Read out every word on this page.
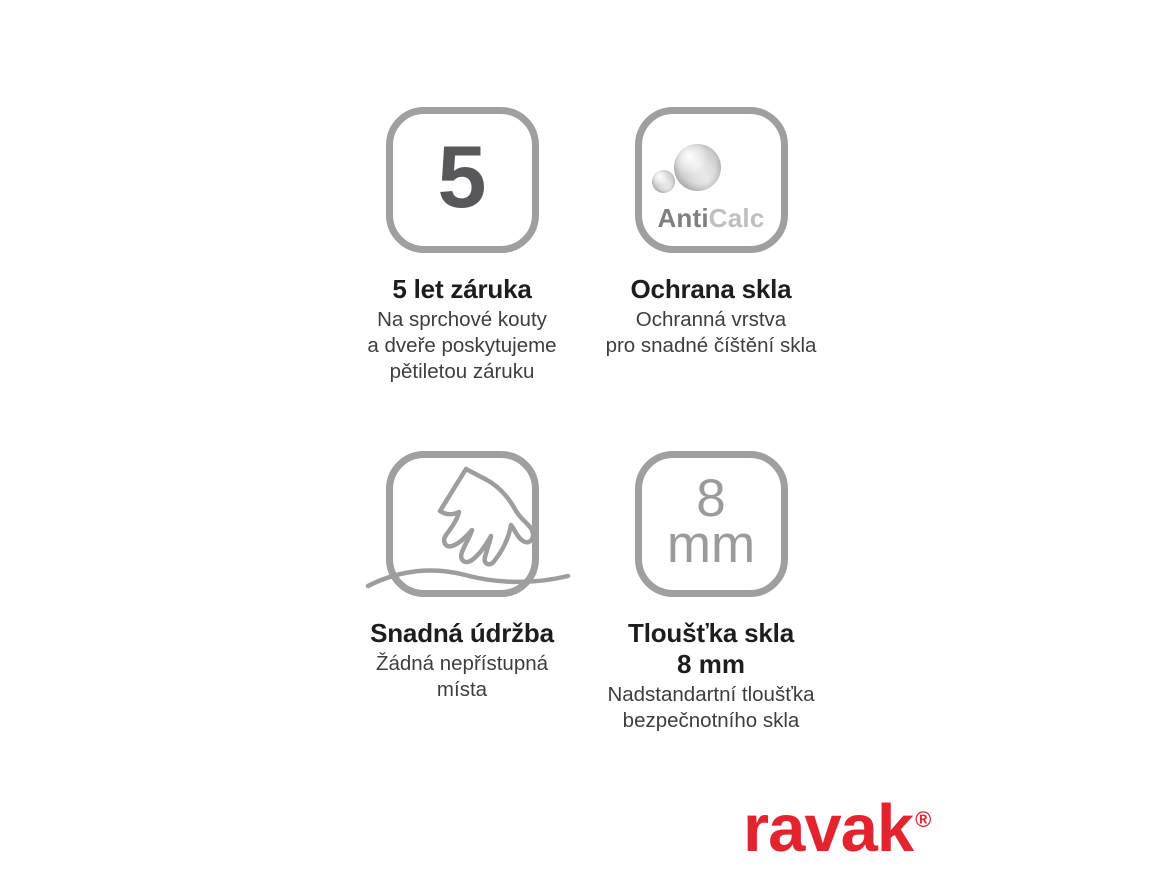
5
5 let záruka

Na sprchové kouty
a dveře poskytujeme
pětiletou záruku

AntiCalc
Ochrana skla

Ochranná vrstva
pro snadné číštění skla

Snadná údržba

Žádná nepřístupná
místa

8
mm
Tloušťka skla
8 mm

Nadstandartní tloušťka
bezpečnotního skla

ravak®
